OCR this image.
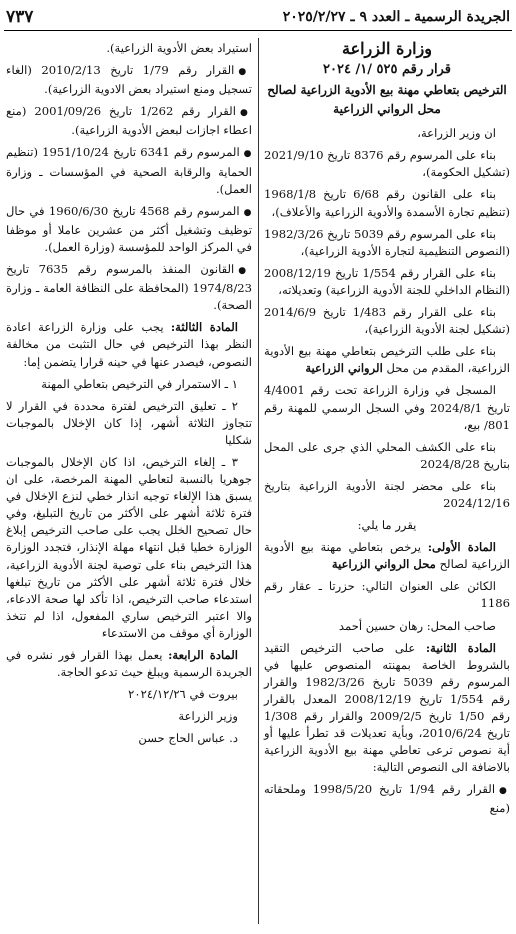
الجريدة الرسمية ـ العدد ٩ ـ ٢٠٢٥/٢/٢٧
٧٣٧
وزارة الزراعة
قرار رقم ٥٢٥ /١/ ٢٠٢٤
الترخيص بتعاطي مهنة بيع الأدوية الزراعية لصالح محل الرواني الزراعية

ان وزير الزراعة،

بناء على المرسوم رقم 8376 تاريخ 2021/9/10 (تشكيل الحكومة)،

بناء على القانون رقم 6/68 تاريخ 1968/1/8 (تنظيم تجارة الأسمدة والأدوية الزراعية والأعلاف)،

بناء على المرسوم رقم 5039 تاريخ 1982/3/26 (النصوص التنظيمية لتجارة الأدوية الزراعية)،

بناء على القرار رقم 1/554 تاريخ 2008/12/19 (النظام الداخلي للجنة الأدوية الزراعية) وتعديلاته،

بناء على القرار رقم 1/483 تاريخ 2014/6/9 (تشكيل لجنة الأدوية الزراعية)،

بناء على طلب الترخيص بتعاطي مهنة بيع الأدوية الزراعية، المقدم من محل الرواني الزراعية

المسجل في وزارة الزراعة تحت رقم 4/4001 تاريخ 2024/8/1 وفي السجل الرسمي للمهنة رقم 801/ بيع،

بناء على الكشف المحلي الذي جرى على المحل بتاريخ 2024/8/28

بناء على محضر لجنة الأدوية الزراعية بتاريخ 2024/12/16

يقرر ما يلي:

المادة الأولى: يرخص بتعاطي مهنة بيع الأدوية الزراعية لصالح محل الرواني الزراعية

الكائن على العنوان التالي: حزرتا ـ عقار رقم 1186

صاحب المحل: رهان حسين أحمد

المادة الثانية: على صاحب الترخيص التقيد بالشروط الخاصة بمهنته المنصوص عليها في المرسوم رقم 5039 تاريخ 1982/3/26 والقرار رقم 1/554 تاريخ 2008/12/19 المعدل بالقرار رقم 1/50 تاريخ 2009/2/5 والقرار رقم 1/308 تاريخ 2010/6/24، وبأية تعديلات قد تطرأ عليها أو أية نصوص ترعى تعاطي مهنة بيع الأدوية الزراعية بالاضافة الى النصوص التالية:

● القرار رقم 1/94 تاريخ 1998/5/20 وملحقاته (منع

استيراد بعض الأدوية الزراعية).

● القرار رقم 1/79 تاريخ 2010/2/13 (الغاء تسجيل ومنع استيراد بعض الادوية الزراعية).

● القرار رقم 1/262 تاريخ 2001/09/26 (منع اعطاء اجازات لبعض الأدوية الزراعية).

● المرسوم رقم 6341 تاريخ 1951/10/24 (تنظيم الحماية والرقابة الصحية في المؤسسات ـ وزارة العمل).

● المرسوم رقم 4568 تاريخ 1960/6/30 في حال توظيف وتشغيل أكثر من عشرين عاملا أو موظفا في المركز الواحد للمؤسسة (وزارة العمل).

● القانون المنفذ بالمرسوم رقم 7635 تاريخ 1974/8/23 (المحافظة على النظافة العامة ـ وزارة الصحة).

المادة الثالثة: يجب على وزارة الزراعة اعادة النظر بهذا الترخيص في حال التثبت من مخالفة النصوص، فيصدر عنها في حينه قرارا يتضمن إما:

١ ـ الاستمرار في الترخيص بتعاطي المهنة

٢ ـ تعليق الترخيص لفترة محددة في القرار لا تتجاوز الثلاثة أشهر، إذا كان الإخلال بالموجبات شكليا

٣ ـ إلغاء الترخيص، اذا كان الإخلال بالموجبات جوهريا بالنسبة لتعاطي المهنة المرخصة، على ان يسبق هذا الإلغاء توجيه انذار خطي لنزع الإخلال في فترة ثلاثة أشهر على الأكثر من تاريخ التبليغ، وفي حال تصحيح الخلل يجب على صاحب الترخيص إبلاغ الوزارة خطيا قبل انتهاء مهلة الإنذار، فتجدد الوزارة هذا الترخيص بناء على توصية لجنة الأدوية الزراعية، خلال فترة ثلاثة أشهر على الأكثر من تاريخ تبلغها استدعاء صاحب الترخيص، اذا تأكد لها صحة الادعاء، والا اعتبر الترخيص ساري المفعول، اذا لم تتخذ الوزارة أي موقف من الاستدعاء

المادة الرابعة: يعمل بهذا القرار فور نشره في الجريدة الرسمية ويبلغ حيث تدعو الحاجة.

بيروت في ٢٠٢٤/١٢/٢٦

وزير الزراعة

د. عباس الحاج حسن
